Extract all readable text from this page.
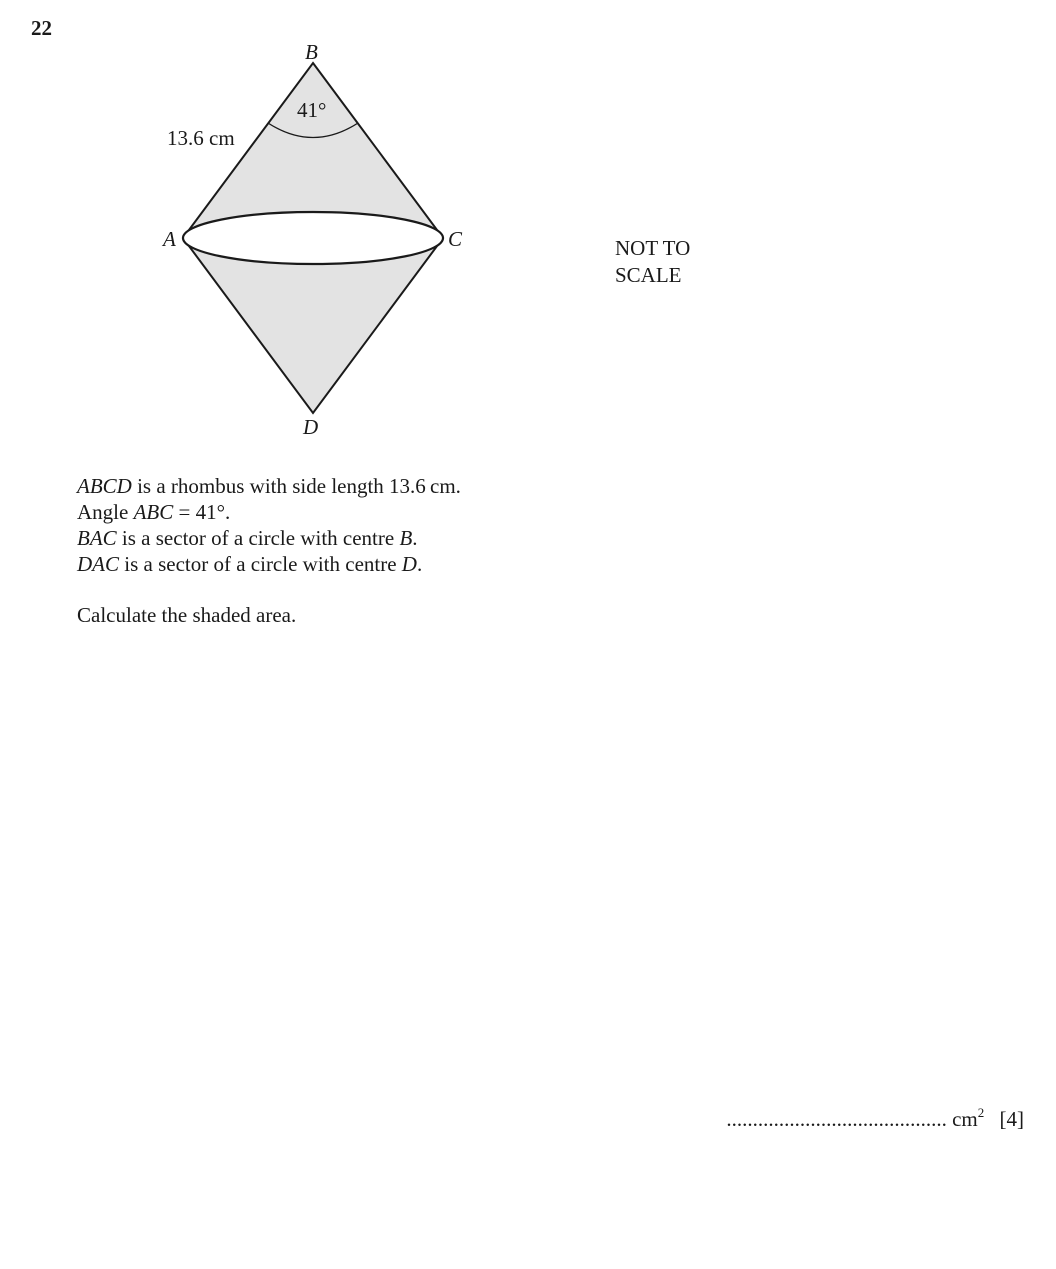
22
B
A	C
D
13.6 cm
41°
NOT TO
SCALE
ABCD is a rhombus with side length 13.6 cm.
Angle ABC = 41°.
BAC is a sector of a circle with centre B.
DAC is a sector of a circle with centre D.
Calculate the shaded area.
.......................................... $cm^2$ [4]
